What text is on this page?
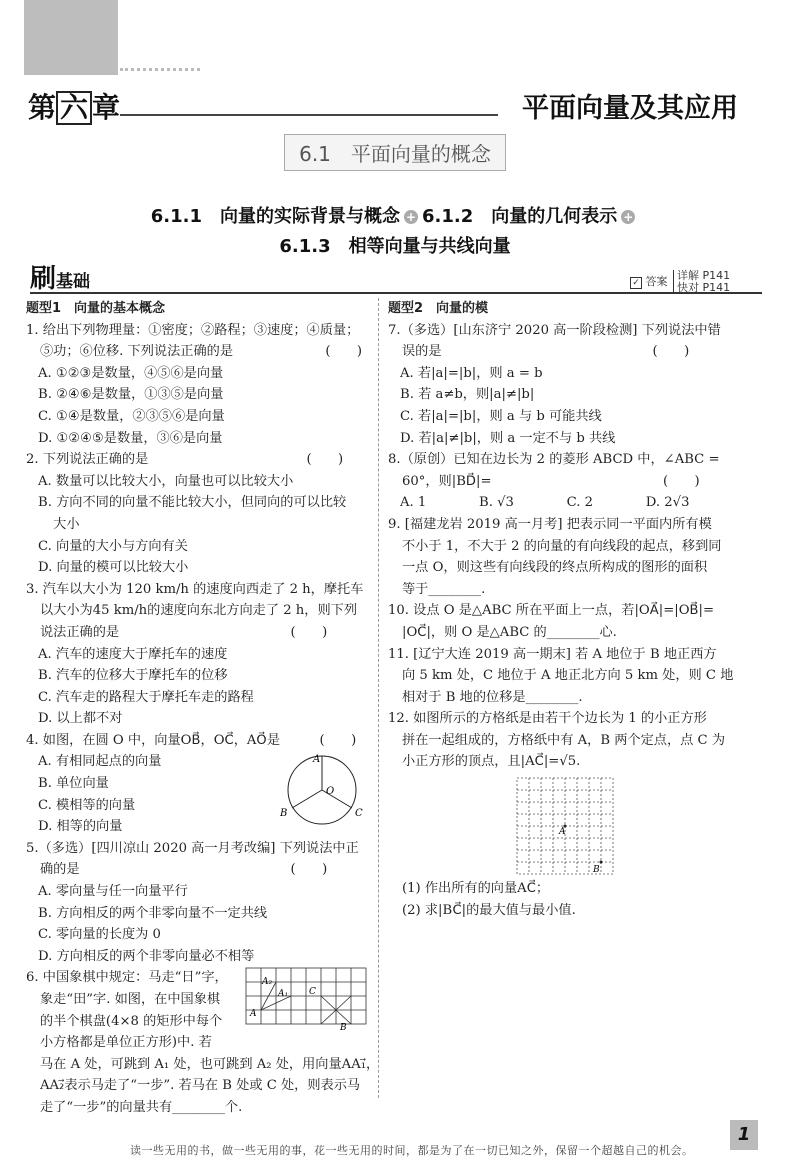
第 六 章	平面向量及其应用
6.1　 平面向量的概念
6.1.1　向量的实际背景与概念 + 6.1.2　向量的几何表示 +
6.1.3　相等向量与共线向量
刷基础	✓ 答案 详解 P141
快对 P141

题型1　向量的基本概念

1. 给出下列物理量：①密度；②路程；③速度；④质量；

⑤功；⑥位移. 下列说法正确的是　　　　　　　(　　)

A. ①②③是数量，④⑤⑥是向量

B. ②④⑥是数量，①③⑤是向量

C. ①④是数量，②③⑤⑥是向量

D. ①②④⑤是数量，③⑥是向量

2. 下列说法正确的是　　　　　　　　　　　　(　　)

A. 数量可以比较大小，向量也可以比较大小

B. 方向不同的向量不能比较大小，但同向的可以比较

　大小

C. 向量的大小与方向有关

D. 向量的模可以比较大小

3. 汽车以大小为 120 km/h 的速度向西走了 2 h，摩托车

以大小为45 km/h的速度向东北方向走了 2 h，则下列

说法正确的是　　　　　　　　　　　　　(　　)

A. 汽车的速度大于摩托车的速度

B. 汽车的位移大于摩托车的位移

C. 汽车走的路程大于摩托车走的路程

D. 以上都不对

4. 如图，在圆 O 中，向量OB⃗，OC⃗，AO⃗是　　　(　　)

A. 有相同起点的向量

B. 单位向量

C. 模相等的向量

D. 相等的向量

5.（多选）[四川凉山 2020 高一月考改编] 下列说法中正

确的是　　　　　　　　　　　　　　　　(　　)

A. 零向量与任一向量平行

B. 方向相反的两个非零向量不一定共线

C. 零向量的长度为 0

D. 方向相反的两个非零向量必不相等

6. 中国象棋中规定：马走“日”字，

象走“田”字. 如图，在中国象棋

的半个棋盘(4×8 的矩形中每个

小方格都是单位正方形)中. 若

马在 A 处，可跳到 A₁ 处，也可跳到 A₂ 处，用向量AA₁⃗，

AA₂⃗表示马走了“一步”. 若马在 B 处或 C 处，则表示马

走了“一步”的向量共有________个.

题型2　向量的模

7.（多选）[山东济宁 2020 高一阶段检测] 下列说法中错

误的是　　　　　　　　　　　　　　　　(　　)

A. 若|a|=|b|，则 a = b

B. 若 a≠b，则|a|≠|b|

C. 若|a|=|b|，则 a 与 b 可能共线

D. 若|a|≠|b|，则 a 一定不与 b 共线

8.（原创）已知在边长为 2 的菱形 ABCD 中，∠ABC =

60°，则|BD⃗|=　　　　　　　　　　　　　(　　)

A. 1　　　　B. √3　　　　C. 2　　　　D. 2√3

9. [福建龙岩 2019 高一月考] 把表示同一平面内所有模

不小于 1，不大于 2 的向量的有向线段的起点，移到同

一点 O，则这些有向线段的终点所构成的图形的面积

等于________.

10. 设点 O 是△ABC 所在平面上一点，若|OA⃗|=|OB⃗|=

|OC⃗|，则 O 是△ABC 的________心.

11. [辽宁大连 2019 高一期末] 若 A 地位于 B 地正西方

向 5 km 处，C 地位于 A 地正北方向 5 km 处，则 C 地

相对于 B 地的位移是________.

12. 如图所示的方格纸是由若干个边长为 1 的小正方形

拼在一起组成的，方格纸中有 A，B 两个定点，点 C 为

小正方形的顶点，且|AC⃗|=√5.

(1) 作出所有的向量AC⃗；

(2) 求|BC⃗|的最大值与最小值.

A
O
B	C
A₂
A₁
A
C
B
A
B
读一些无用的书，做一些无用的事，花一些无用的时间，都是为了在一切已知之外，保留一个超越自己的机会。
1
